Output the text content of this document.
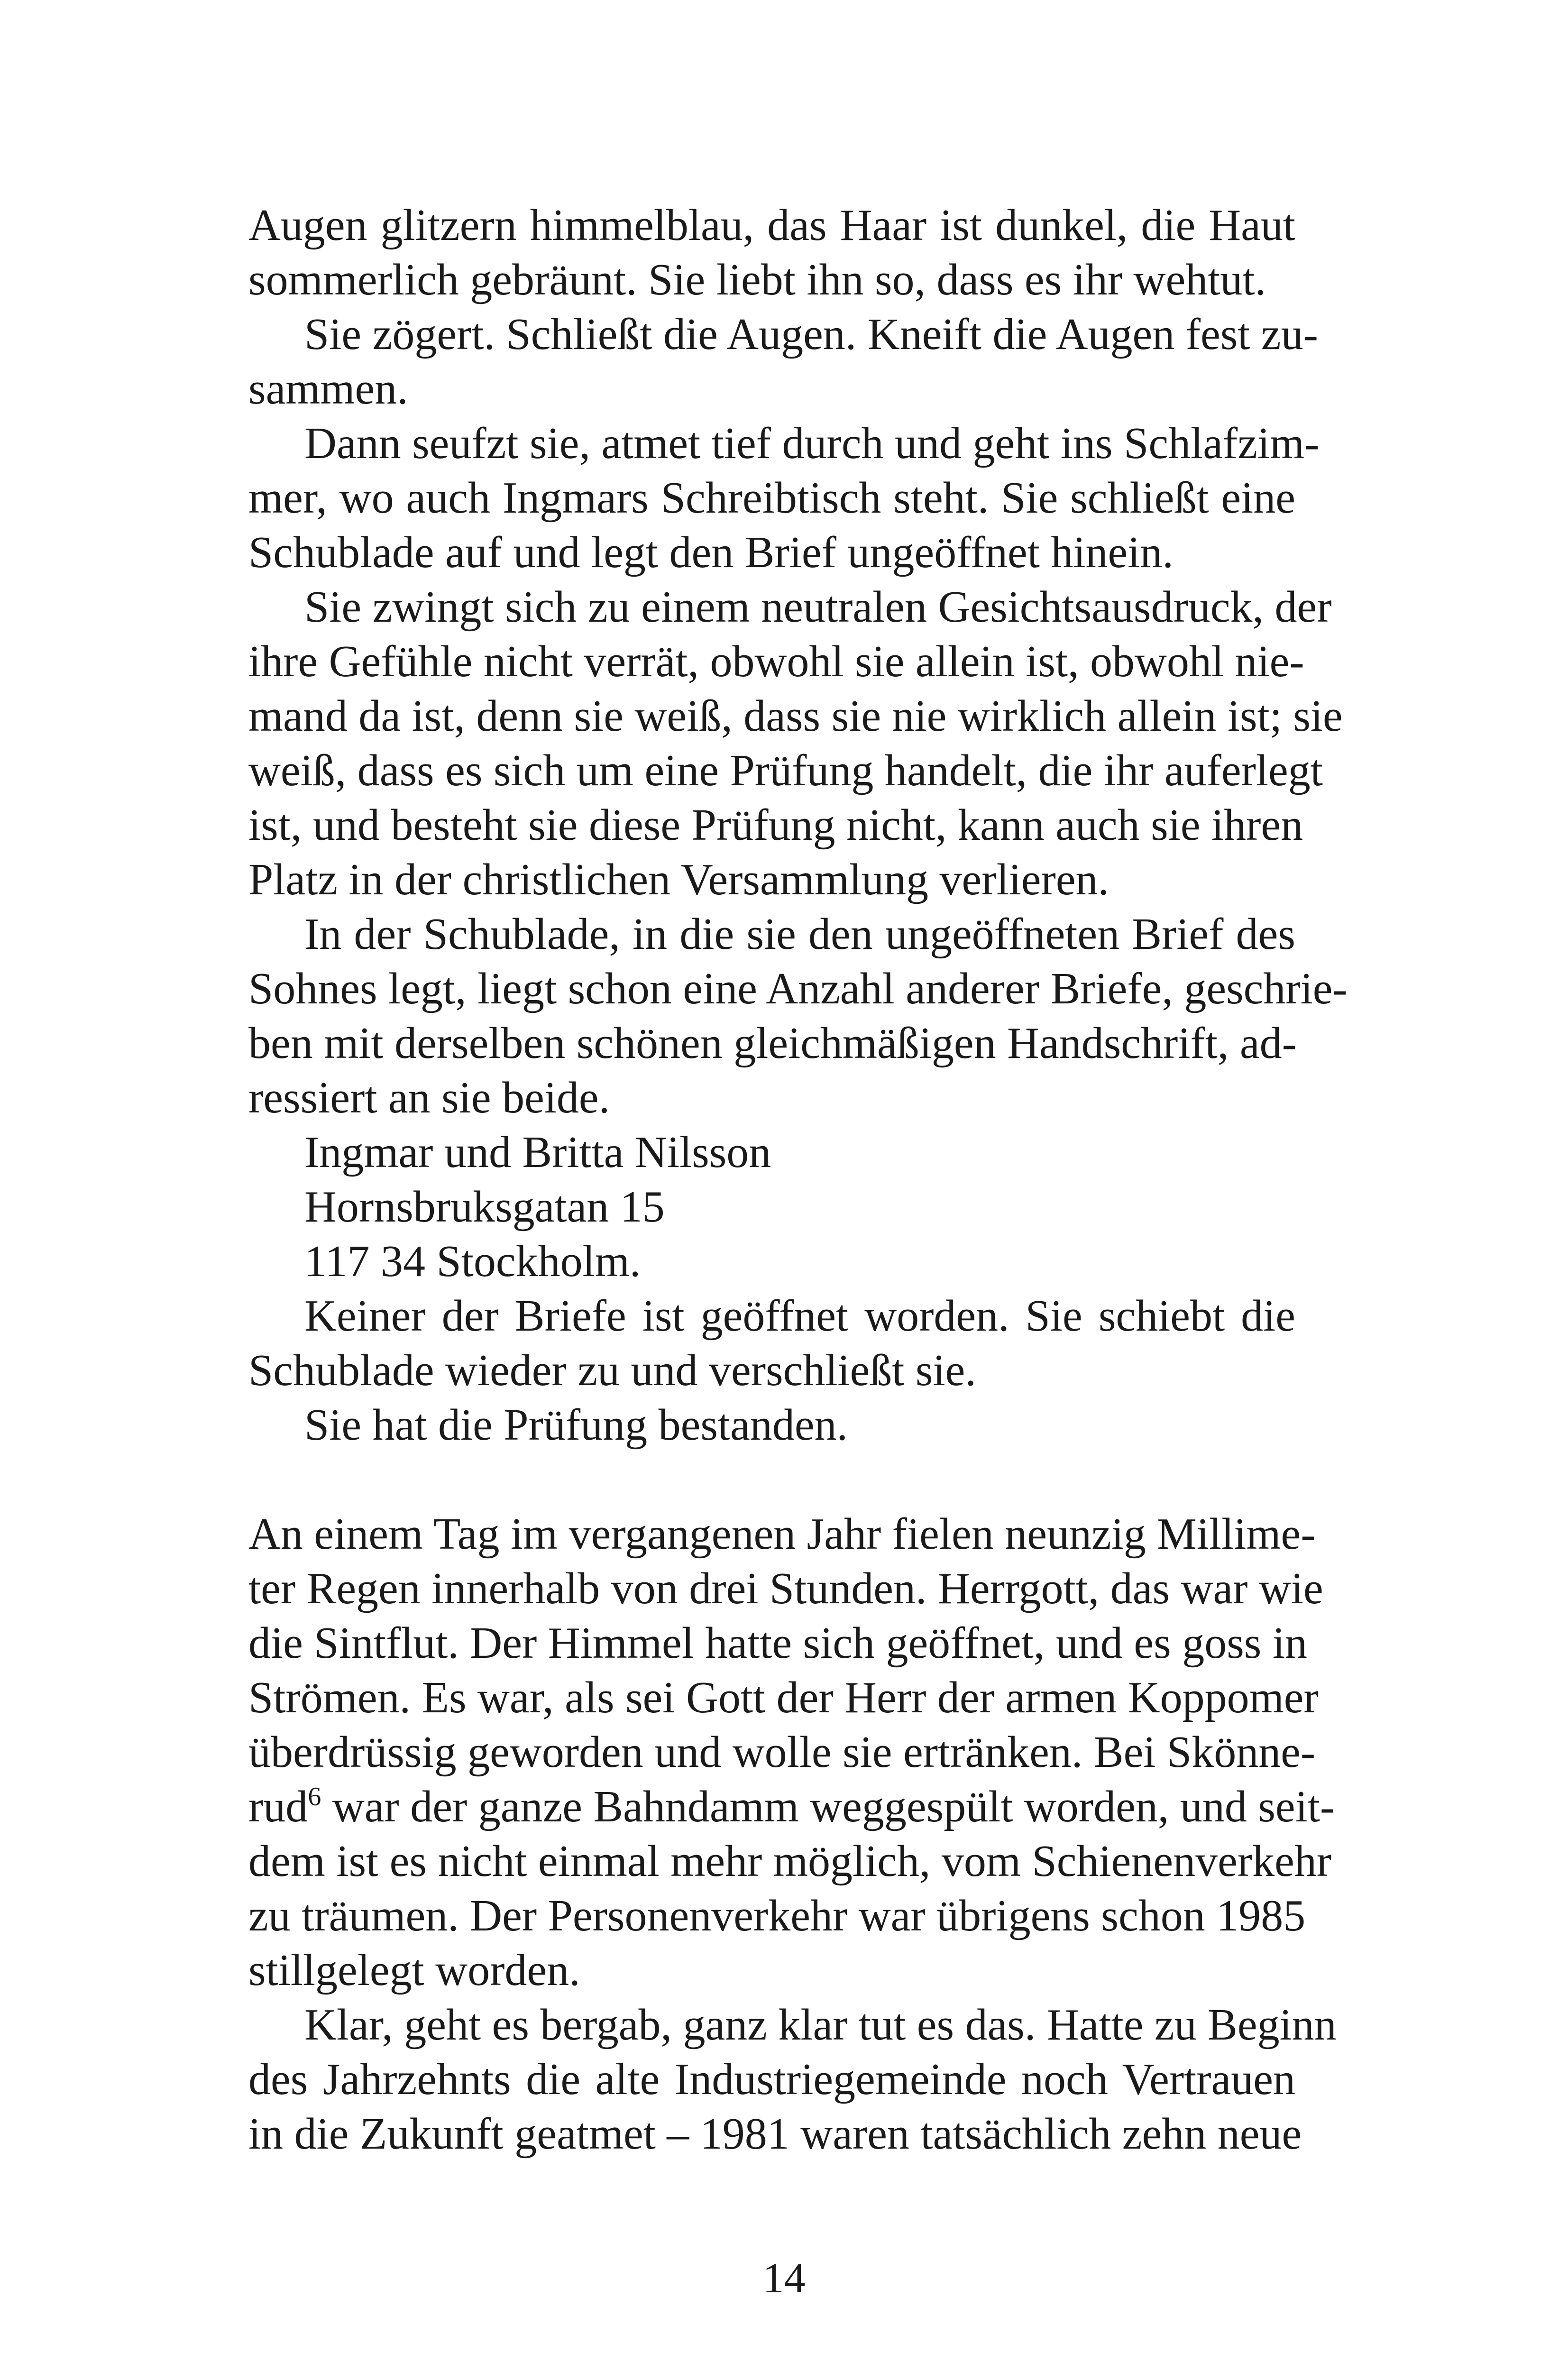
Augen glitzern himmelblau, das Haar ist dunkel, die Haut
sommerlich gebräunt. Sie liebt ihn so, dass es ihr wehtut.

Sie zögert. Schließt die Augen. Kneift die Augen fest zu-
sammen.

Dann seufzt sie, atmet tief durch und geht ins Schlafzim-
mer, wo auch Ingmars Schreibtisch steht. Sie schließt eine
Schublade auf und legt den Brief ungeöffnet hinein.

Sie zwingt sich zu einem neutralen Gesichtsausdruck, der
ihre Gefühle nicht verrät, obwohl sie allein ist, obwohl nie-
mand da ist, denn sie weiß, dass sie nie wirklich allein ist; sie
weiß, dass es sich um eine Prüfung handelt, die ihr auferlegt
ist, und besteht sie diese Prüfung nicht, kann auch sie ihren
Platz in der christlichen Versammlung verlieren.

In der Schublade, in die sie den ungeöffneten Brief des
Sohnes legt, liegt schon eine Anzahl anderer Briefe, geschrie-
ben mit derselben schönen gleichmäßigen Handschrift, ad-
ressiert an sie beide.

Ingmar und Britta Nilsson

Hornsbruksgatan 15

117 34 Stockholm.

Keiner der Briefe ist geöffnet worden. Sie schiebt die
Schublade wieder zu und verschließt sie.

Sie hat die Prüfung bestanden.

An einem Tag im vergangenen Jahr fielen neunzig Millime-
ter Regen innerhalb von drei Stunden. Herrgott, das war wie
die Sintflut. Der Himmel hatte sich geöffnet, und es goss in
Strömen. Es war, als sei Gott der Herr der armen Koppomer
überdrüssig geworden und wolle sie ertränken. Bei Skönne-
rud$^6$ war der ganze Bahndamm weggespült worden, und seit-
dem ist es nicht einmal mehr möglich, vom Schienenverkehr
zu träumen. Der Personenverkehr war übrigens schon 1985
stillgelegt worden.

Klar, geht es bergab, ganz klar tut es das. Hatte zu Beginn
des Jahrzehnts die alte Industriegemeinde noch Vertrauen
in die Zukunft geatmet – 1981 waren tatsächlich zehn neue

14
